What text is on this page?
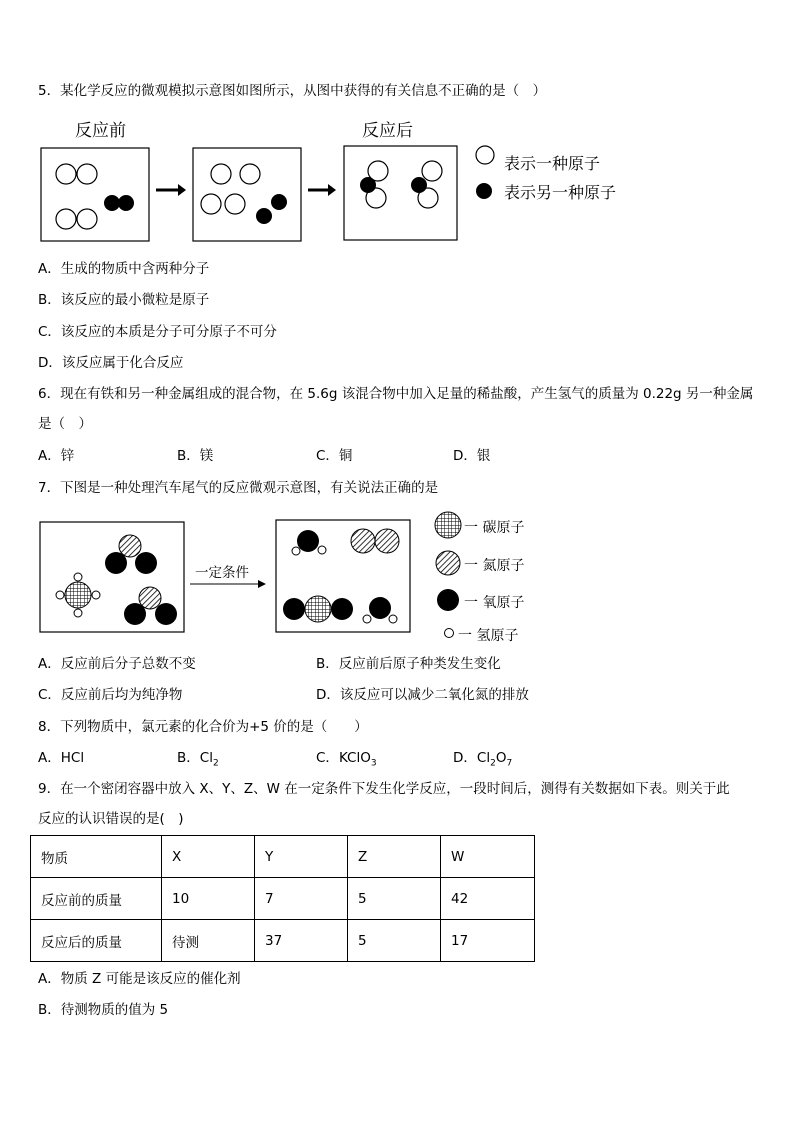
5．某化学反应的微观模拟示意图如图所示，从图中获得的有关信息不正确的是（　）
反应前	反应后
表示一种原子
表示另一种原子
A．生成的物质中含两种分子
B．该反应的最小微粒是原子
C．该反应的本质是分子可分原子不可分
D．该反应属于化合反应
6．现在有铁和另一种金属组成的混合物，在 5.6g 该混合物中加入足量的稀盐酸，产生氢气的质量为 0.22g 另一种金属
是（　）
A．锌	B．镁	C．铜	D．银
7．下图是一种处理汽车尾气的反应微观示意图，有关说法正确的是
一定条件
一 碳原子
一 氮原子
一 氧原子
一 氢原子
A．反应前后分子总数不变	B．反应前后原子种类发生变化
C．反应前后均为纯净物	D．该反应可以减少二氧化氮的排放
8．下列物质中，氯元素的化合价为+5 价的是（　　）
A．HCl	B．$Cl_2$	C．KClO$_3$	D．$Cl_2O_7$
9．在一个密闭容器中放入 X、Y、Z、W 在一定条件下发生化学反应，一段时间后，测得有关数据如下表。则关于此
反应的认识错误的是(　)
物质	X	Y	Z	W
反应前的质量	10	7	5	42
反应后的质量	待测	37	5	17
A．物质 Z 可能是该反应的催化剂
B．待测物质的值为 5
